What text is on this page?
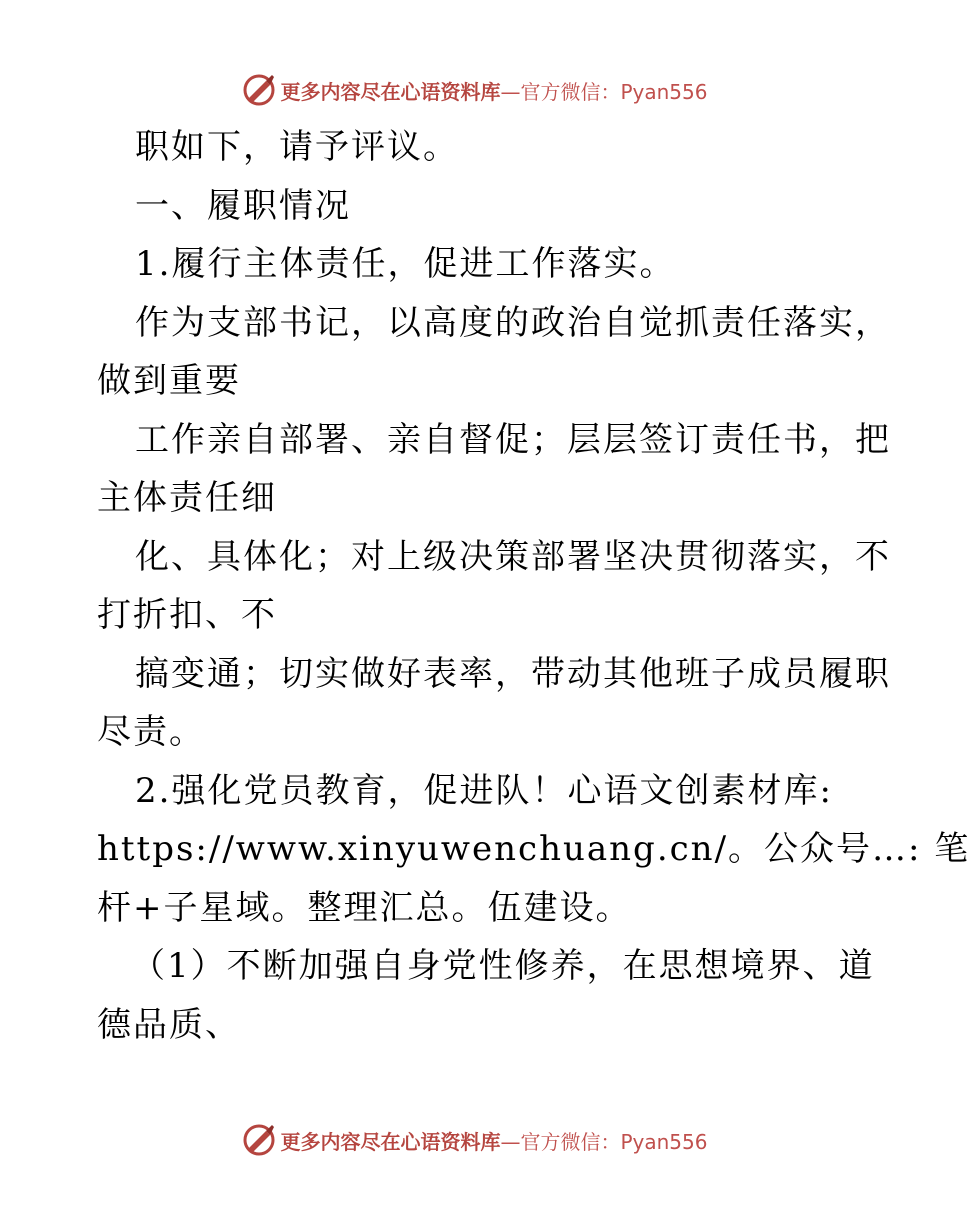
更多内容尽在心语资料库 —官方微信：Pyan556
职如下，请予评议。
一、履职情况
1.履行主体责任，促进工作落实。
作为支部书记，以高度的政治自觉抓责任落实，
做到重要
工作亲自部署、亲自督促；层层签订责任书，把
主体责任细
化、具体化；对上级决策部署坚决贯彻落实，不
打折扣、不
搞变通；切实做好表率，带动其他班子成员履职
尽责。
2.强化党员教育，促进队！心语文创素材库:
https://www.xinyuwenchuang.cn/。公众号…: 笔
杆+子星域。整理汇总。伍建设。
（1）不断加强自身党性修养，在思想境界、道
德品质、
更多内容尽在心语资料库 —官方微信：Pyan556
